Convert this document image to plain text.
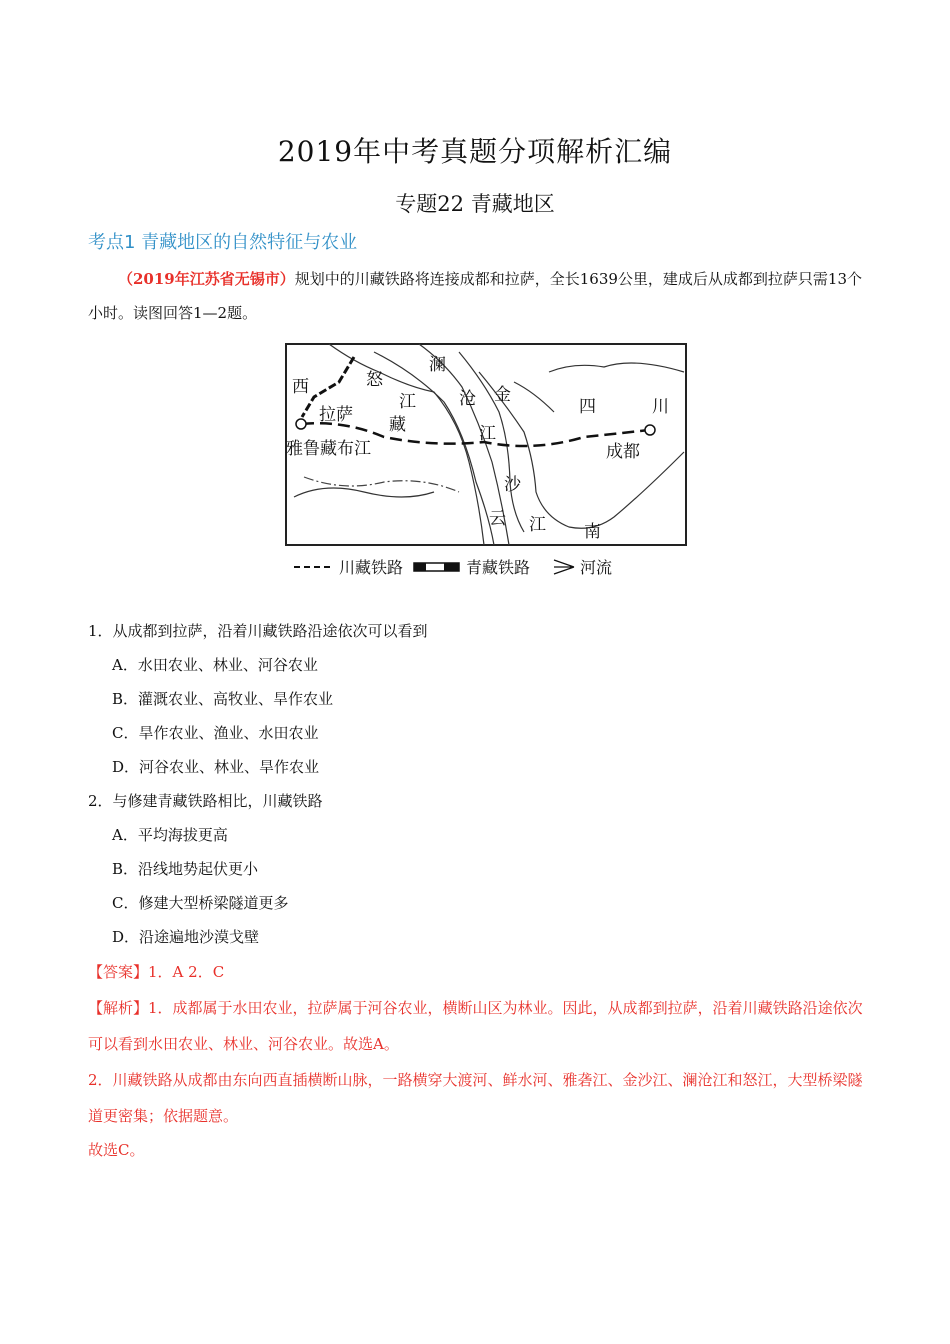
2019年中考真题分项解析汇编
专题22 青藏地区
考点1 青藏地区的自然特征与农业
（2019年江苏省无锡市）规划中的川藏铁路将连接成都和拉萨，全长1639公里，建成后从成都到拉萨只需13个小时。读图回答1—2题。
西	怒
澜
拉萨
江	沧 金
四	川
藏	江
成都
雅鲁藏布江
沙
云 江 南
川藏铁路	青藏铁路	河流
1．从成都到拉萨，沿着川藏铁路沿途依次可以看到
A．水田农业、林业、河谷农业
B．灌溉农业、高牧业、旱作农业
C．旱作农业、渔业、水田农业
D．河谷农业、林业、旱作农业
2．与修建青藏铁路相比，川藏铁路
A．平均海拔更高
B．沿线地势起伏更小
C．修建大型桥梁隧道更多
D．沿途遍地沙漠戈壁
【答案】1．A 2．C
【解析】1．成都属于水田农业，拉萨属于河谷农业，横断山区为林业。因此，从成都到拉萨，沿着川藏铁路沿途依次可以看到水田农业、林业、河谷农业。故选A。
2．川藏铁路从成都由东向西直插横断山脉，一路横穿大渡河、鲜水河、雅砻江、金沙江、澜沧江和怒江，大型桥梁隧道更密集；依据题意。
故选C。
